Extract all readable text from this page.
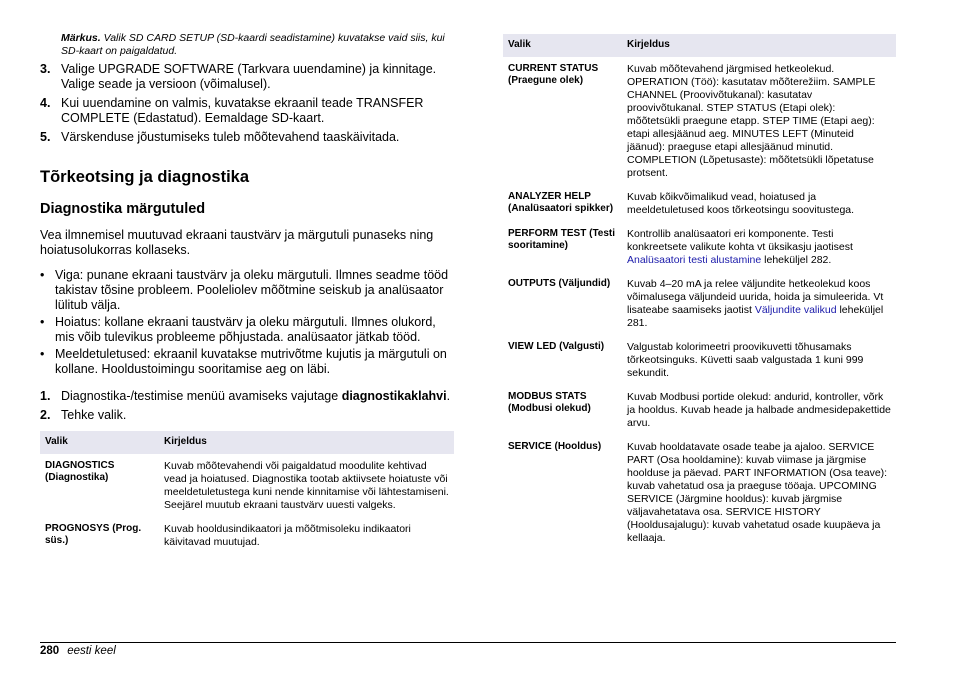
Märkus. Valik SD CARD SETUP (SD-kaardi seadistamine) kuvatakse vaid siis, kui SD-kaart on paigaldatud.

3. Valige UPGRADE SOFTWARE (Tarkvara uuendamine) ja kinnitage. Valige seade ja versioon (võimalusel).
4. Kui uuendamine on valmis, kuvatakse ekraanil teade TRANSFER COMPLETE (Edastatud). Eemaldage SD-kaart.
5. Värskenduse jõustumiseks tuleb mõõtevahend taaskäivitada.
Tõrkeotsing ja diagnostika
Diagnostika märgutuled

Vea ilmnemisel muutuvad ekraani taustvärv ja märgutuli punaseks ning hoiatusolukorras kollaseks.

• Viga: punane ekraani taustvärv ja oleku märgutuli. Ilmnes seadme tööd takistav tõsine probleem. Pooleliolev mõõtmine seiskub ja analüsaator lülitub välja.
• Hoiatus: kollane ekraani taustvärv ja oleku märgutuli. Ilmnes olukord, mis võib tulevikus probleeme põhjustada. analüsaator jätkab tööd.
• Meeldetuletused: ekraanil kuvatakse mutrivõtme kujutis ja märgutuli on kollane. Hooldustoimingu sooritamise aeg on läbi.
1. Diagnostika-/testimise menüü avamiseks vajutage diagnostikaklahvi.
2. Tehke valik.
Valik	Kirjeldus
DIAGNOSTICS (Diagnostika)	Kuvab mõõtevahendi või paigaldatud moodulite kehtivad vead ja hoiatused. Diagnostika tootab aktiivsete hoiatuste või meeldetuletustega kuni nende kinnitamise või lähtestamiseni. Seejärel muutub ekraani taustvärv uuesti valgeks.
PROGNOSYS (Prog. süs.)	Kuvab hooldusindikaatori ja mõõtmisoleku indikaatori käivitavad muutujad.
Valik	Kirjeldus
CURRENT STATUS (Praegune olek)	Kuvab mõõtevahend järgmised hetkeolekud. OPERATION (Töö): kasutatav mõõterežiim. SAMPLE CHANNEL (Proovivõtukanal): kasutatav proovivõtukanal. STEP STATUS (Etapi olek): mõõtetsükli praegune etapp. STEP TIME (Etapi aeg): etapi allesjäänud aeg. MINUTES LEFT (Minuteid jäänud): praeguse etapi allesjäänud minutid. COMPLETION (Lõpetusaste): mõõtetsükli lõpetatuse protsent.
ANALYZER HELP (Analüsaatori spikker)	Kuvab kõikvõimalikud vead, hoiatused ja meeldetuletused koos tõrkeotsingu soovitustega.
PERFORM TEST (Testi sooritamine)	Kontrollib analüsaatori eri komponente. Testi konkreetsete valikute kohta vt üksikasju jaotisest Analüsaatori testi alustamine leheküljel 282.
OUTPUTS (Väljundid)	Kuvab 4–20 mA ja relee väljundite hetkeolekud koos võimalusega väljundeid uurida, hoida ja simuleerida. Vt lisateabe saamiseks jaotist Väljundite valikud leheküljel 281.
VIEW LED (Valgusti)	Valgustab kolorimeetri proovikuvetti tõhusamaks tõrkeotsinguks. Küvetti saab valgustada 1 kuni 999 sekundit.
MODBUS STATS (Modbusi olekud)	Kuvab Modbusi portide olekud: andurid, kontroller, võrk ja hooldus. Kuvab heade ja halbade andmesidepakettide arvu.
SERVICE (Hooldus)	Kuvab hooldatavate osade teabe ja ajaloo. SERVICE PART (Osa hooldamine): kuvab viimase ja järgmise hoolduse ja päevad. PART INFORMATION (Osa teave): kuvab vahetatud osa ja praeguse tööaja. UPCOMING SERVICE (Järgmine hooldus): kuvab järgmise väljavahetatava osa. SERVICE HISTORY (Hooldusajalugu): kuvab vahetatud osade kuupäeva ja kellaaja.
280 eesti keel
